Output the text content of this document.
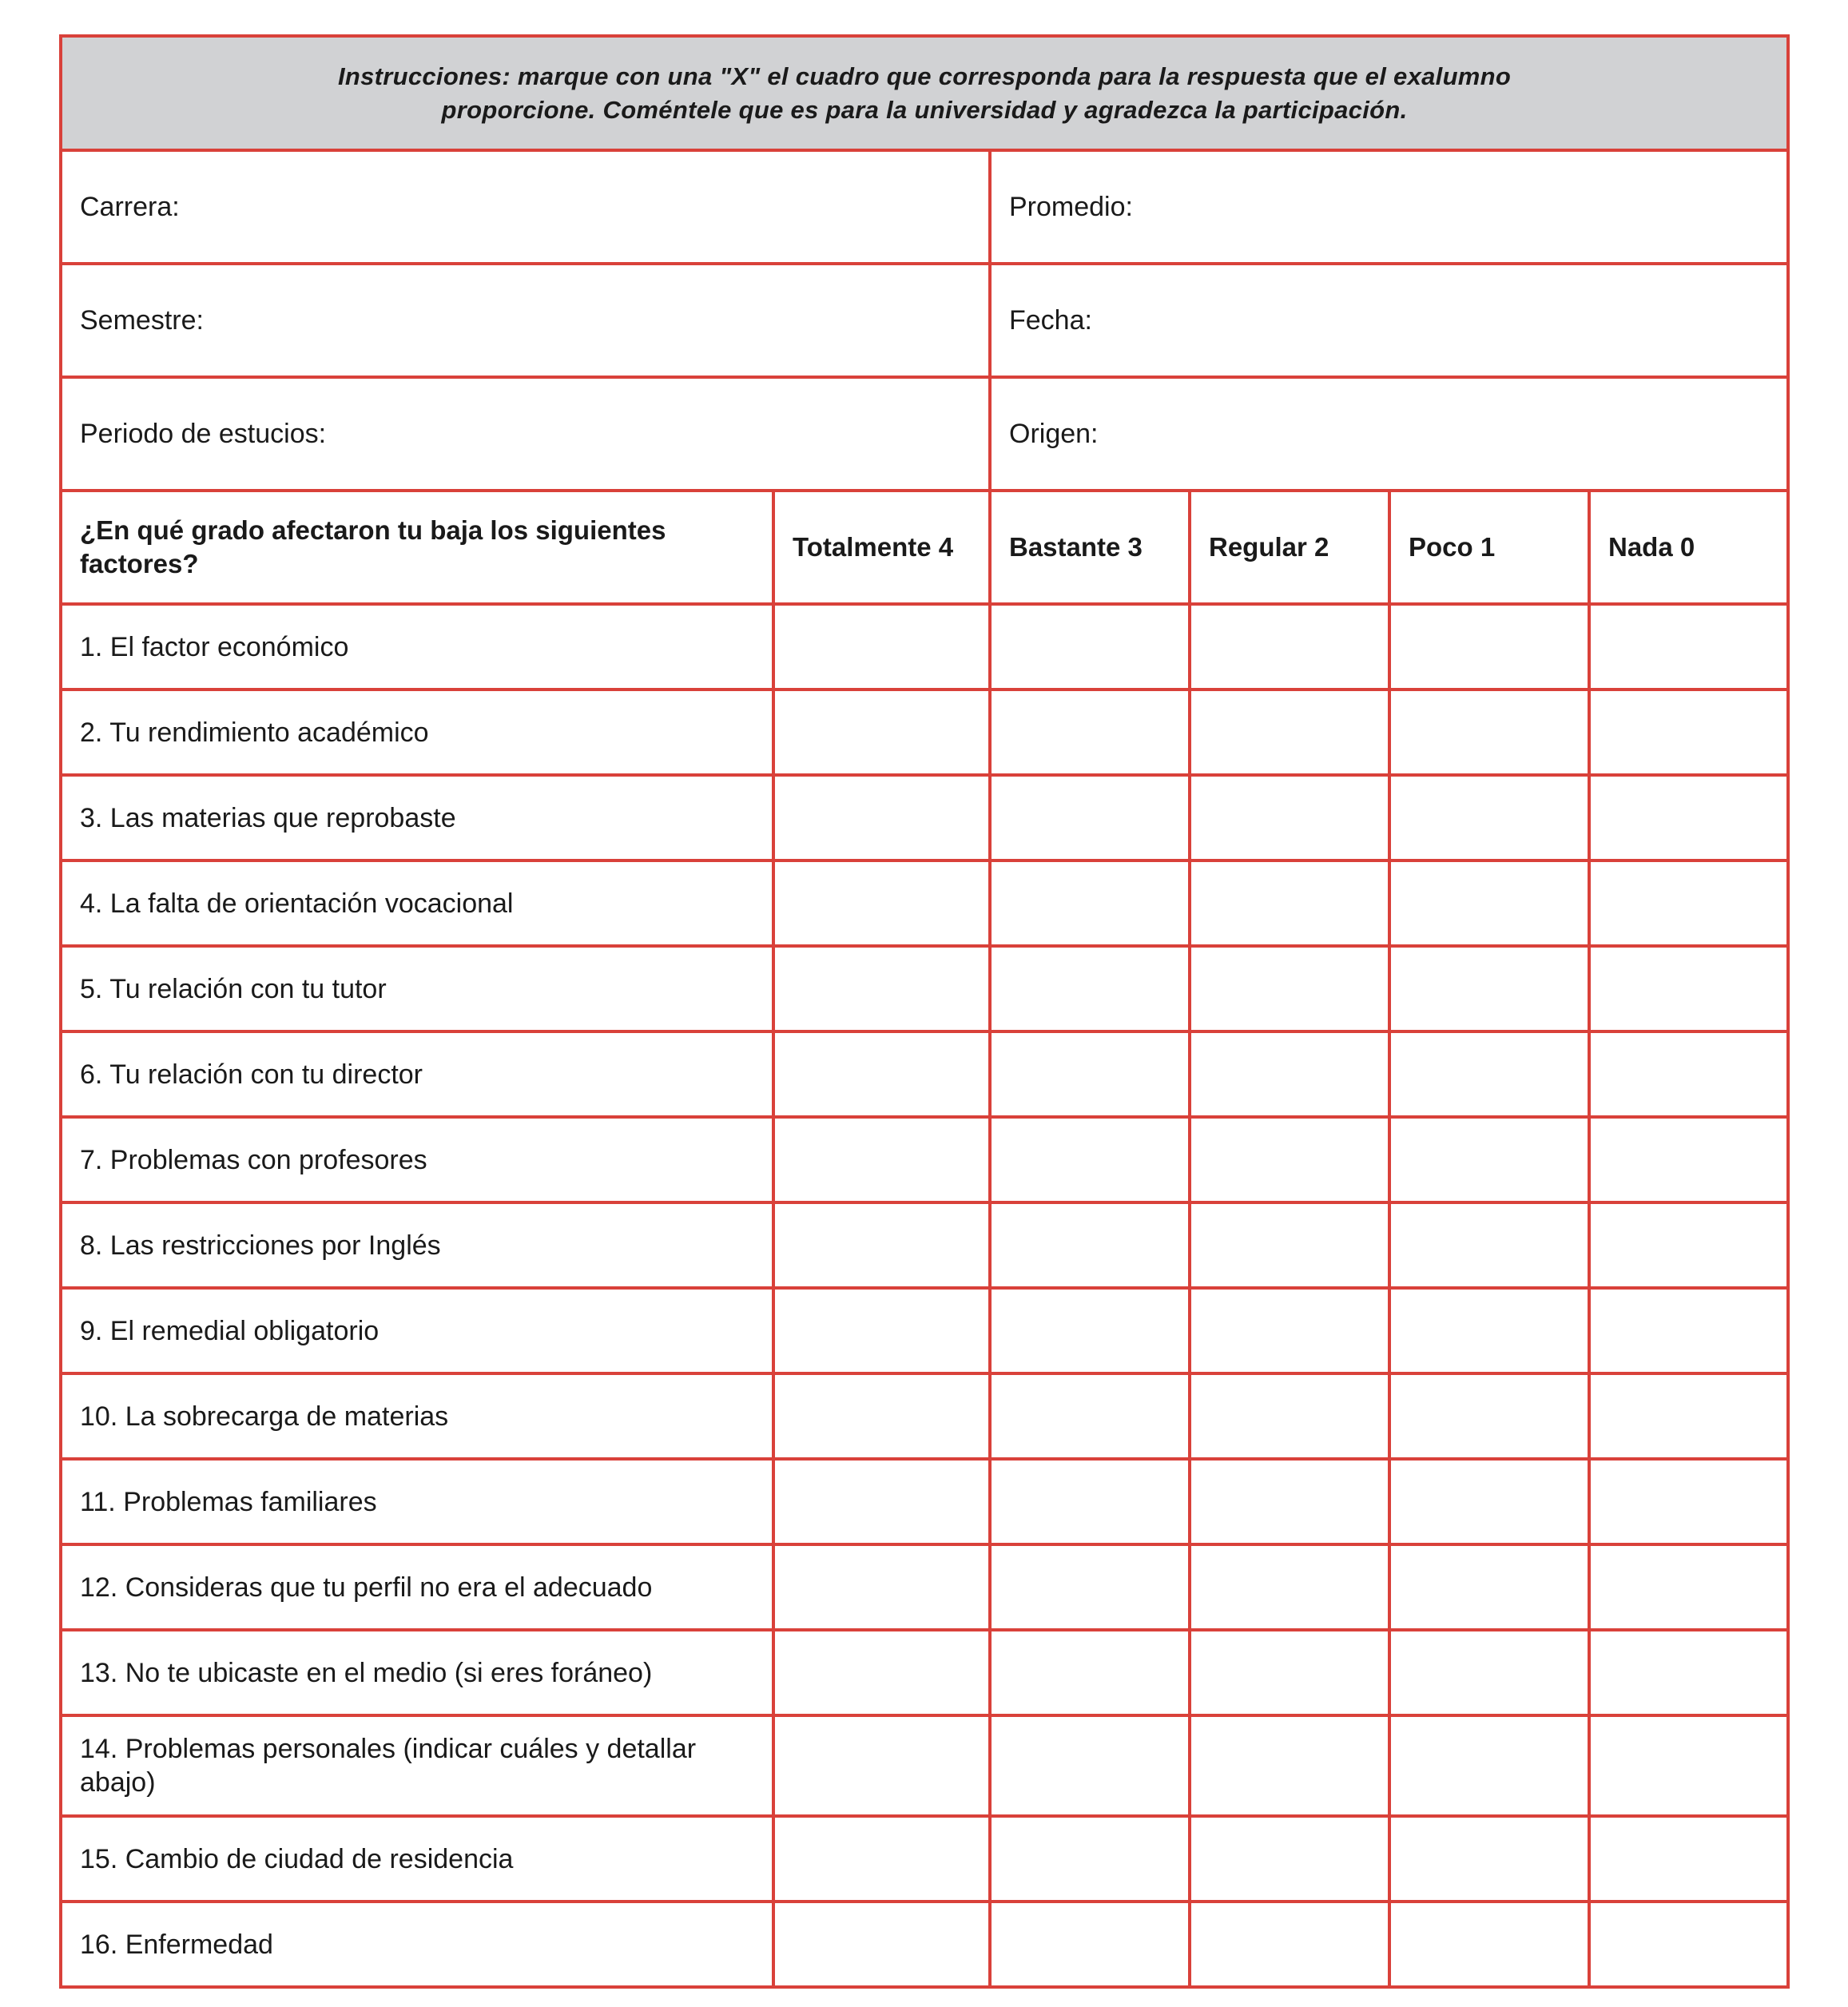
Instrucciones: marque con una "X" el cuadro que corresponda para la respuesta que el exalumno
proporcione. Coméntele que es para la universidad y agradezca la participación.					

Carrera:		Promedio:			
Semestre:		Fecha:			
Periodo de estucios:		Origen:			
¿En qué grado afectaron tu baja los siguientes factores?	Totalmente 4	Bastante 3	Regular 2	Poco 1	Nada 0
1. El factor económico					
2. Tu rendimiento académico					
3. Las materias que reprobaste					
4. La falta de orientación vocacional					
5. Tu relación con tu tutor					
6. Tu relación con tu director					
7. Problemas con profesores					
8. Las restricciones por Inglés					
9. El remedial obligatorio					
10. La sobrecarga de materias					
11. Problemas familiares					
12. Consideras que tu perfil no era el adecuado					
13. No te ubicaste en el medio (si eres foráneo)					
14. Problemas personales (indicar cuáles y detallar abajo)					
15. Cambio de ciudad de residencia					
16. Enfermedad					
